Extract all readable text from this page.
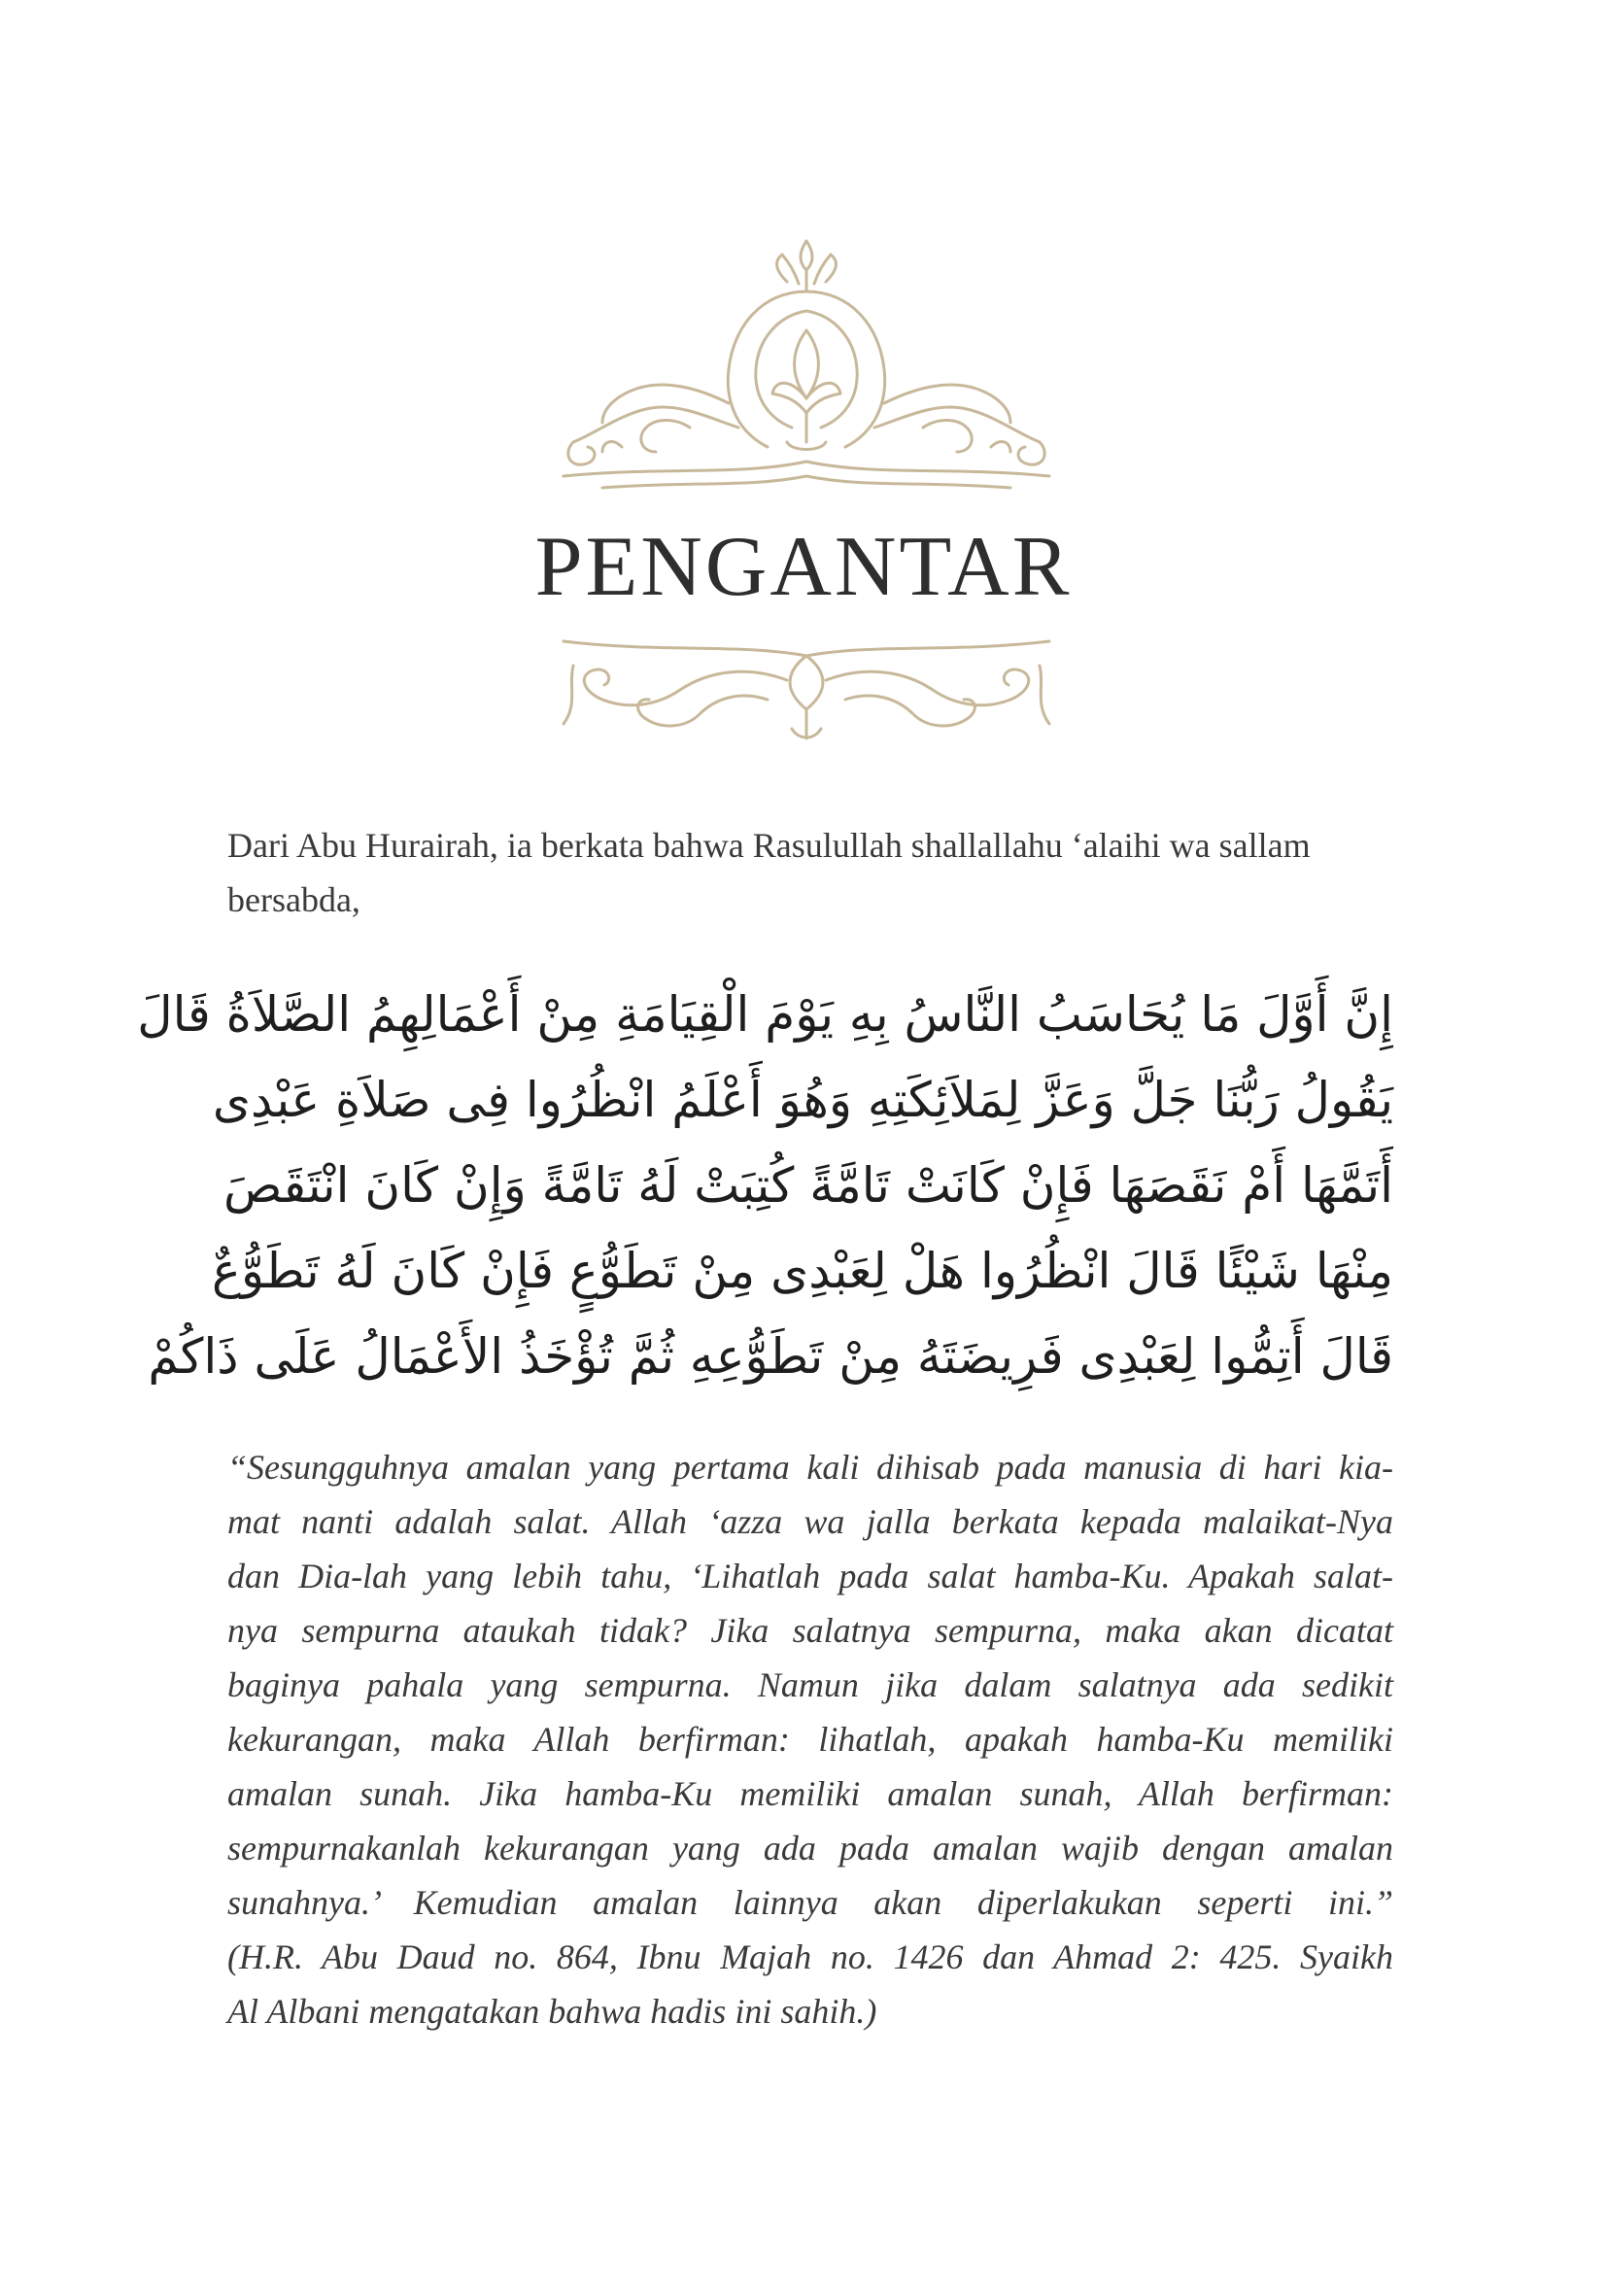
PENGANTAR
Dari Abu Hurairah, ia berkata bahwa Rasulullah shallallahu ‘alaihi wa sallam bersabda,
إِنَّ أَوَّلَ مَا يُحَاسَبُ النَّاسُ بِهِ يَوْمَ الْقِيَامَةِ مِنْ أَعْمَالِهِمُ الصَّلاَةُ قَالَ
يَقُولُ رَبُّنَا جَلَّ وَعَزَّ لِمَلاَئِكَتِهِ وَهُوَ أَعْلَمُ انْظُرُوا فِى صَلاَةِ عَبْدِى
أَتَمَّهَا أَمْ نَقَصَهَا فَإِنْ كَانَتْ تَامَّةً كُتِبَتْ لَهُ تَامَّةً وَإِنْ كَانَ انْتَقَصَ
مِنْهَا شَيْئًا قَالَ انْظُرُوا هَلْ لِعَبْدِى مِنْ تَطَوُّعٍ فَإِنْ كَانَ لَهُ تَطَوُّعٌ
قَالَ أَتِمُّوا لِعَبْدِى فَرِيضَتَهُ مِنْ تَطَوُّعِهِ ثُمَّ تُؤْخَذُ الأَعْمَالُ عَلَى ذَاكُمْ
“Sesungguhnya amalan yang pertama kali dihisab pada manusia di hari kia-
mat nanti adalah salat. Allah ‘azza wa jalla berkata kepada malaikat-Nya
dan Dia-lah yang lebih tahu, ‘Lihatlah pada salat hamba-Ku. Apakah salat-
nya sempurna ataukah tidak? Jika salatnya sempurna, maka akan dicatat
baginya pahala yang sempurna. Namun jika dalam salatnya ada sedikit
kekurangan, maka Allah berfirman: lihatlah, apakah hamba-Ku memiliki
amalan sunah. Jika hamba-Ku memiliki amalan sunah, Allah berfirman:
sempurnakanlah kekurangan yang ada pada amalan wajib dengan amalan
sunahnya.’ Kemudian amalan lainnya akan diperlakukan seperti ini.”
(H.R. Abu Daud no. 864, Ibnu Majah no. 1426 dan Ahmad 2: 425. Syaikh
Al Albani mengatakan bahwa hadis ini sahih.)
